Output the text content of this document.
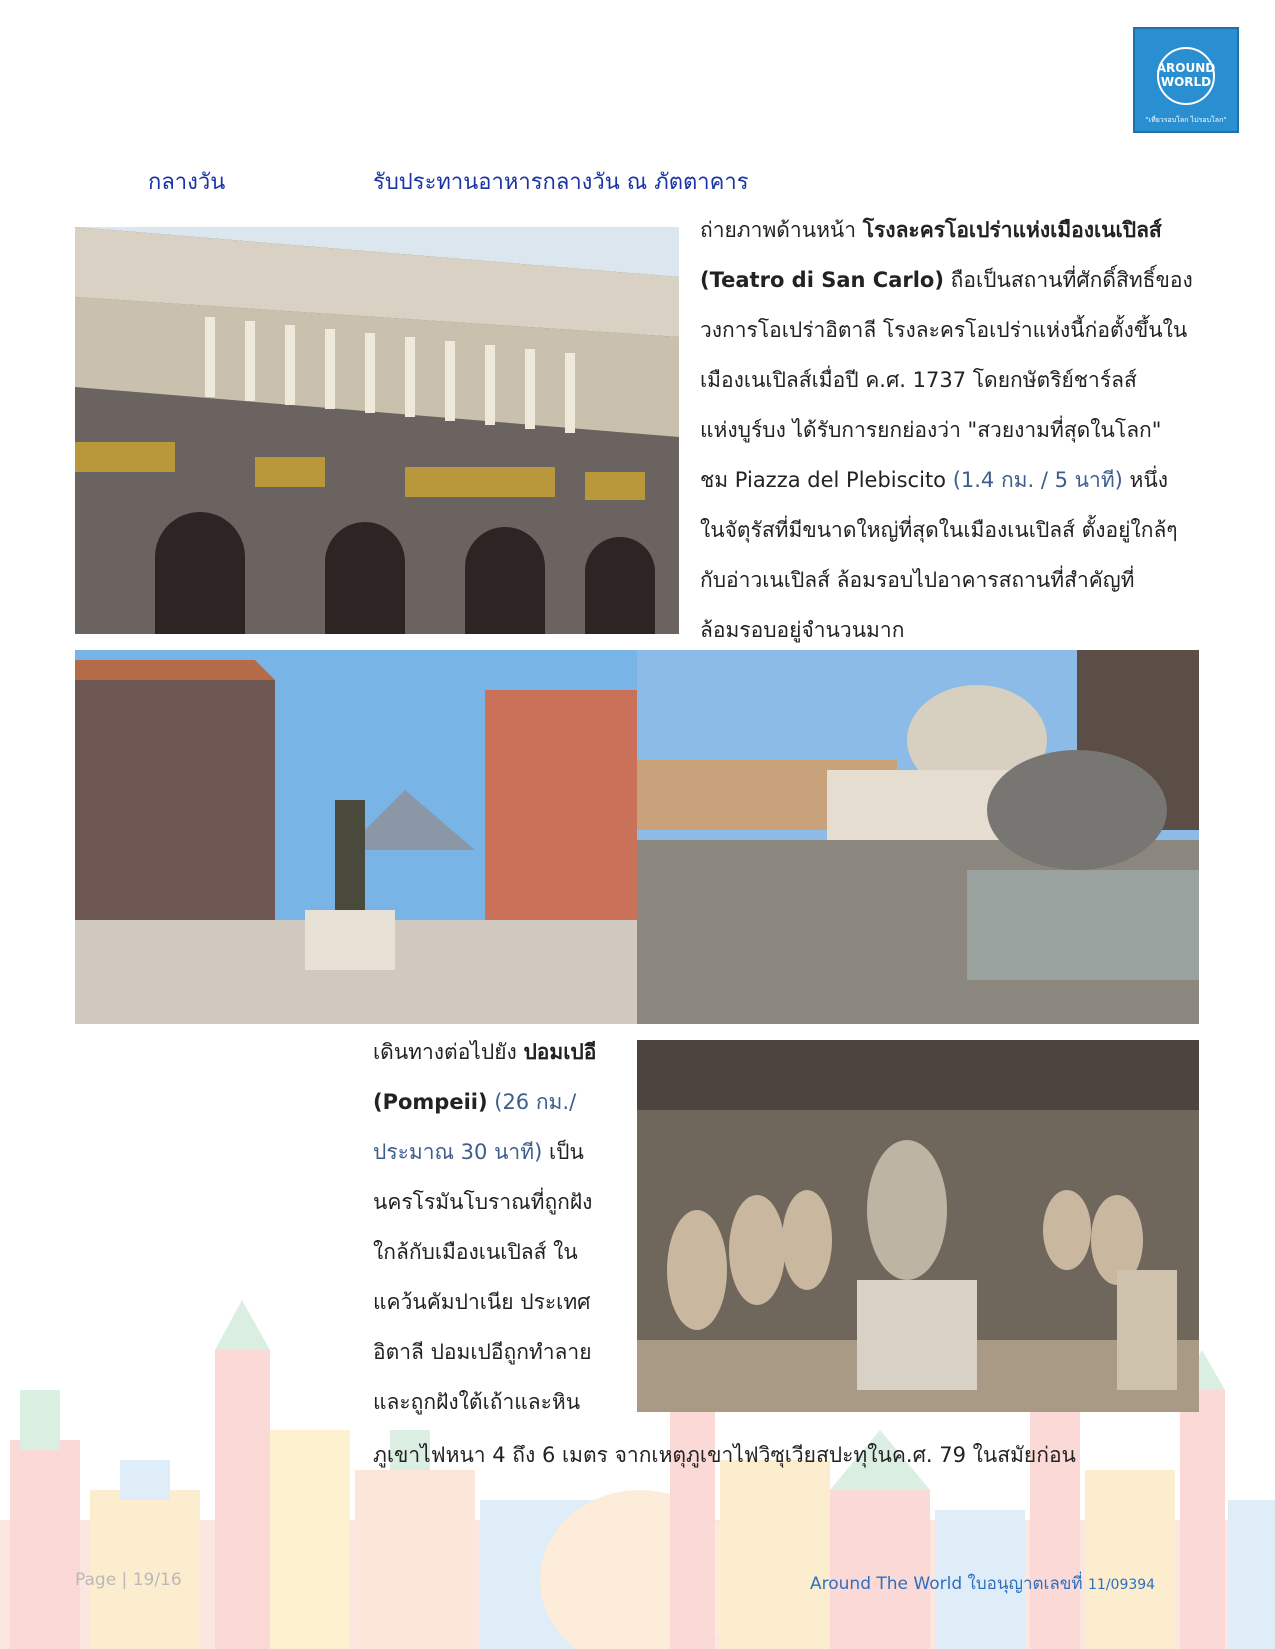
AROUND
WORLD
"เที่ยวรอบโลก ไปรอบโลก"
กลางวัน	รับประทานอาหารกลางวัน ณ ภัตตาคาร
ถ่ายภาพด้านหน้า โรงละครโอเปร่าแห่งเมืองเนเปิลส์
(Teatro di San Carlo) ถือเป็นสถานที่ศักดิ์สิทธิ์ของ
วงการโอเปร่าอิตาลี โรงละครโอเปร่าแห่งนี้ก่อตั้งขึ้นใน
เมืองเนเปิลส์เมื่อปี ค.ศ. 1737 โดยกษัตริย์ชาร์ลส์
แห่งบูร์บง ได้รับการยกย่องว่า "สวยงามที่สุดในโลก"
ชม Piazza del Plebiscito (1.4 กม. / 5 นาที) หนึ่ง
ในจัตุรัสที่มีขนาดใหญ่ที่สุดในเมืองเนเปิลส์ ตั้งอยู่ใกล้ๆ
กับอ่าวเนเปิลส์ ล้อมรอบไปอาคารสถานที่สำคัญที่
ล้อมรอบอยู่จำนวนมาก
เดินทางต่อไปยัง ปอมเปอี
(Pompeii) (26 กม./
ประมาณ 30 นาที) เป็น
นครโรมันโบราณที่ถูกฝัง
ใกล้กับเมืองเนเปิลส์ ใน
แคว้นคัมปาเนีย ประเทศ
อิตาลี ปอมเปอีถูกทำลาย
และถูกฝังใต้เถ้าและหิน
ภูเขาไฟหนา 4 ถึง 6 เมตร จากเหตุภูเขาไฟวิซุเวียสปะทุในค.ศ. 79 ในสมัยก่อน
Page | 19/16	Around The World ใบอนุญาตเลขที่ 11/09394
